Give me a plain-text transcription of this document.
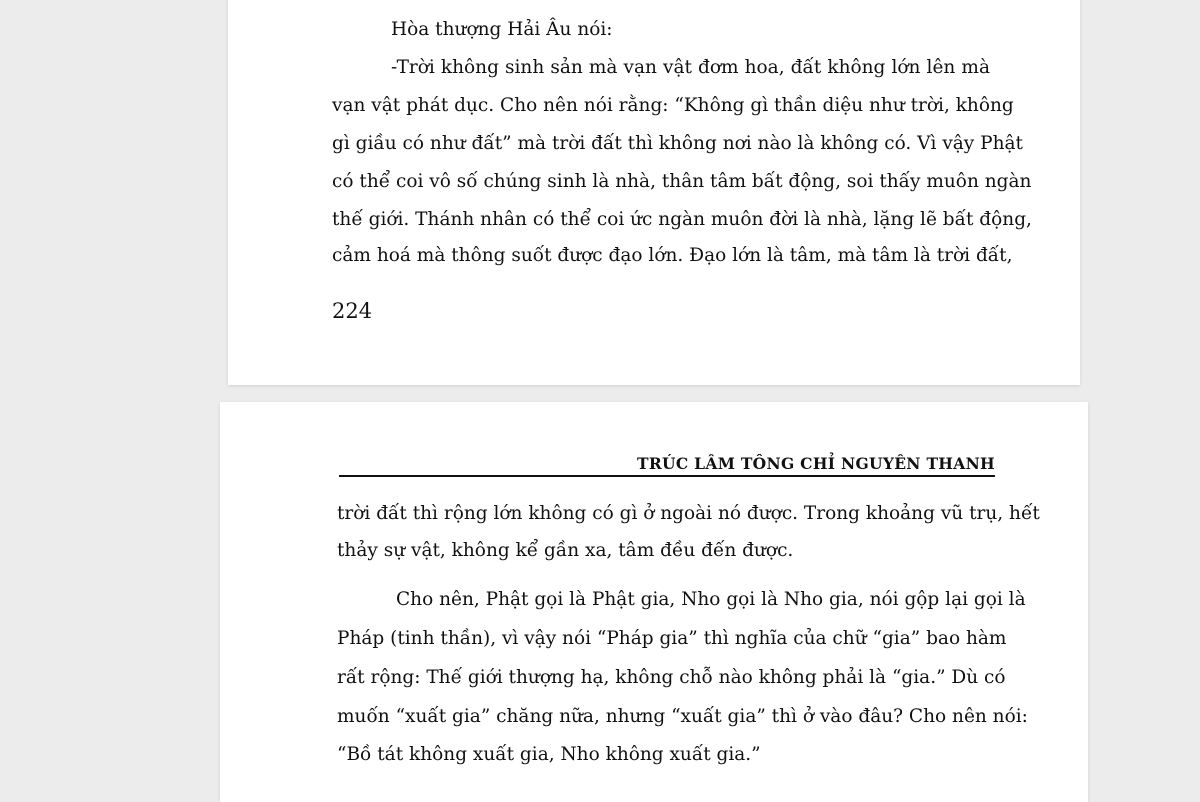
Hòa thượng Hải Âu nói:
-Trời không sinh sản mà vạn vật đơm hoa, đất không lớn lên mà
vạn vật phát dục. Cho nên nói rằng: “Không gì thần diệu như trời, không
gì giầu có như đất” mà trời đất thì không nơi nào là không có. Vì vậy Phật
có thể coi vô số chúng sinh là nhà, thân tâm bất động, soi thấy muôn ngàn
thế giới. Thánh nhân có thể coi ức ngàn muôn đời là nhà, lặng lẽ bất động,
cảm hoá mà thông suốt được đạo lớn. Đạo lớn là tâm, mà tâm là trời đất,
224
TRÚC LÂM TÔNG CHỈ NGUYÊN THANH
trời đất thì rộng lớn không có gì ở ngoài nó được. Trong khoảng vũ trụ, hết
thảy sự vật, không kể gần xa, tâm đều đến được.
Cho nên, Phật gọi là Phật gia, Nho gọi là Nho gia, nói gộp lại gọi là
Pháp (tinh thần), vì vậy nói “Pháp gia” thì nghĩa của chữ “gia” bao hàm
rất rộng: Thế giới thượng hạ, không chỗ nào không phải là “gia.” Dù có
muốn “xuất gia” chăng nữa, nhưng “xuất gia” thì ở vào đâu? Cho nên nói:
“Bồ tát không xuất gia, Nho không xuất gia.”
